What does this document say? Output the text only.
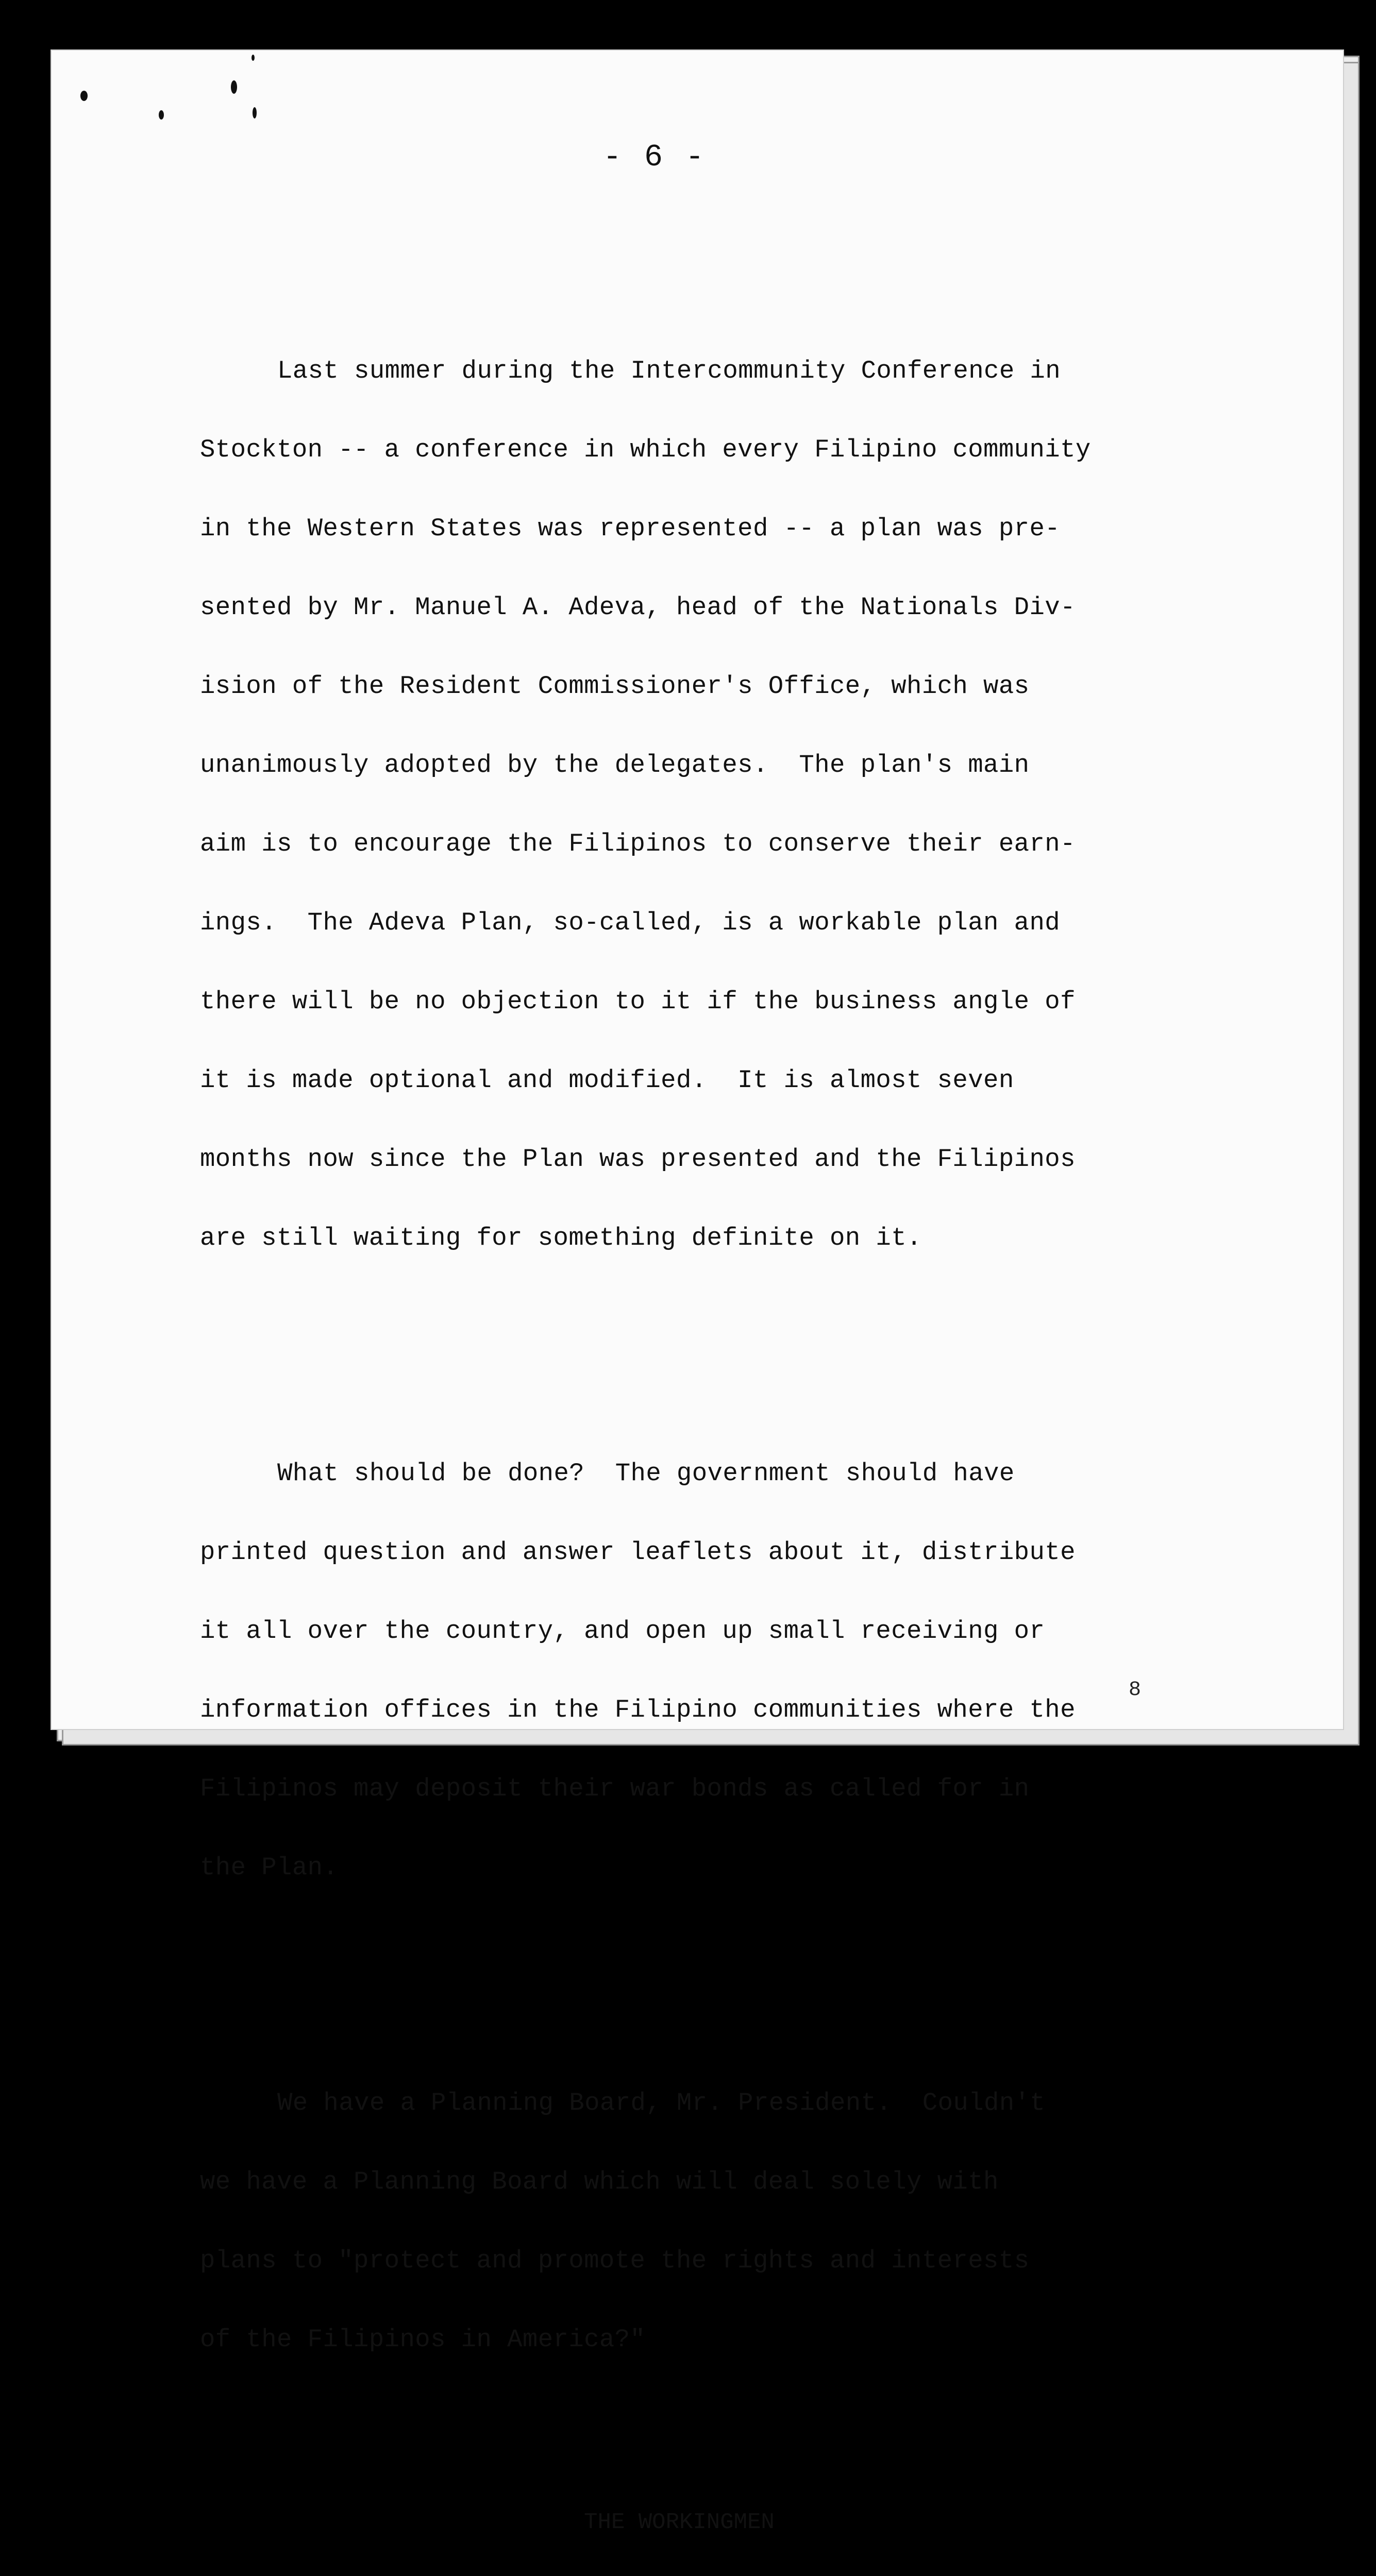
- 6 -

Last summer during the Intercommunity Conference in

Stockton -- a conference in which every Filipino community

in the Western States was represented -- a plan was pre-

sented by Mr. Manuel A. Adeva, head of the Nationals Div-

ision of the Resident Commissioner's Office, which was

unanimously adopted by the delegates.  The plan's main

aim is to encourage the Filipinos to conserve their earn-

ings.  The Adeva Plan, so-called, is a workable plan and

there will be no objection to it if the business angle of

it is made optional and modified.  It is almost seven

months now since the Plan was presented and the Filipinos

are still waiting for something definite on it.

What should be done?  The government should have

printed question and answer leaflets about it, distribute

it all over the country, and open up small receiving or

information offices in the Filipino communities where the

Filipinos may deposit their war bonds as called for in

the Plan.

We have a Planning Board, Mr. President.  Couldn't

we have a Planning Board which will deal solely with

plans to "protect and promote the rights and interests

of the Filipinos in America?"

THE WORKINGMEN

8
